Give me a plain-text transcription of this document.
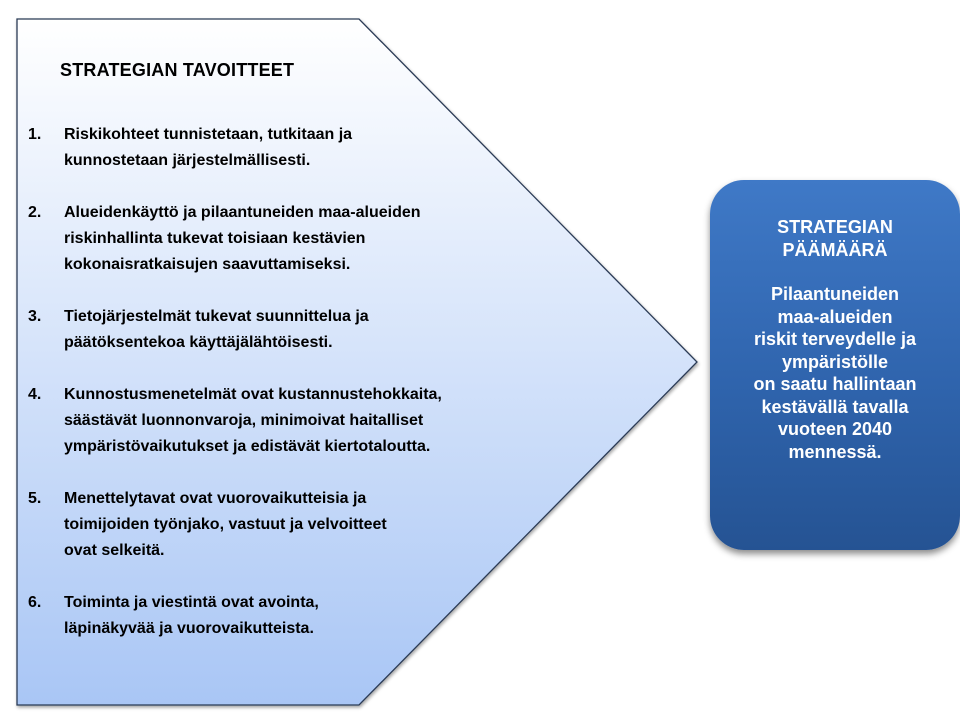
STRATEGIAN TAVOITTEET
1. Riskikohteet tunnistetaan, tutkitaan ja
kunnostetaan järjestelmällisesti.
2. Alueidenkäyttö ja pilaantuneiden maa-alueiden
riskinhallinta tukevat toisiaan kestävien
kokonaisratkaisujen saavuttamiseksi.
3. Tietojärjestelmät tukevat suunnittelua ja
päätöksentekoa käyttäjälähtöisesti.
4. Kunnostusmenetelmät ovat kustannustehokkaita,
säästävät luonnonvaroja, minimoivat haitalliset
ympäristövaikutukset ja edistävät kiertotaloutta.
5. Menettelytavat ovat vuorovaikutteisia ja
toimijoiden työnjako, vastuut ja velvoitteet
ovat selkeitä.
6. Toiminta ja viestintä ovat avointa,
läpinäkyvää ja vuorovaikutteista.
STRATEGIAN
PÄÄMÄÄRÄ
Pilaantuneiden
maa-alueiden
riskit terveydelle ja
ympäristölle
on saatu hallintaan
kestävällä tavalla
vuoteen 2040
mennessä.
